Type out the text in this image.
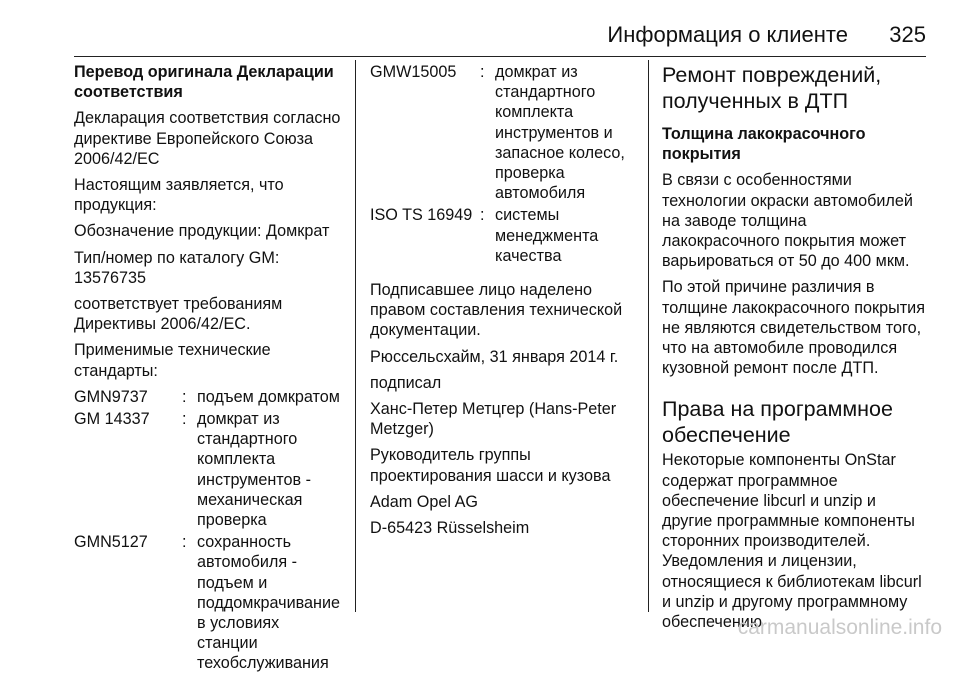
Информация о клиенте 325

Перевод оригинала Декларации соответствия

Декларация соответствия согласно директиве Европейского Союза 2006/42/EC

Настоящим заявляется, что продукция:

Обозначение продукции: Домкрат

Тип/номер по каталогу GM: 13576735

соответствует требованиям Директивы 2006/42/EC.

Применимые технические стандарты:

GMN9737	: подъем домкратом
GM 14337	: домкрат из стандартного комплекта инструментов - механическая проверка
GMN5127	: сохранность автомобиля - подъем и поддомкрачивание в условиях станции техобслуживания
GMW15005	: домкрат из стандартного комплекта инструментов и запасное колесо, проверка автомобиля
ISO TS 16949 : системы менеджмента качества

Подписавшее лицо наделено правом составления технической документации.

Рюссельсхайм, 31 января 2014 г.

подписал

Ханс-Петер Метцгер (Hans-Peter Metzger)

Руководитель группы проектирования шасси и кузова

Adam Opel AG

D-65423 Rüsselsheim

Ремонт повреждений, полученных в ДТП

Толщина лакокрасочного покрытия

В связи с особенностями технологии окраски автомобилей на заводе толщина лакокрасочного покрытия может варьироваться от 50 до 400 мкм.

По этой причине различия в толщине лакокрасочного покрытия не являются свидетельством того, что на автомобиле проводился кузовной ремонт после ДТП.

Права на программное обеспечение

Некоторые компоненты OnStar содержат программное обеспечение libcurl и unzip и другие программные компоненты сторонних производителей. Уведомления и лицензии, относящиеся к библиотекам libcurl и unzip и другому программному обеспечению

carmanualsonline.info
